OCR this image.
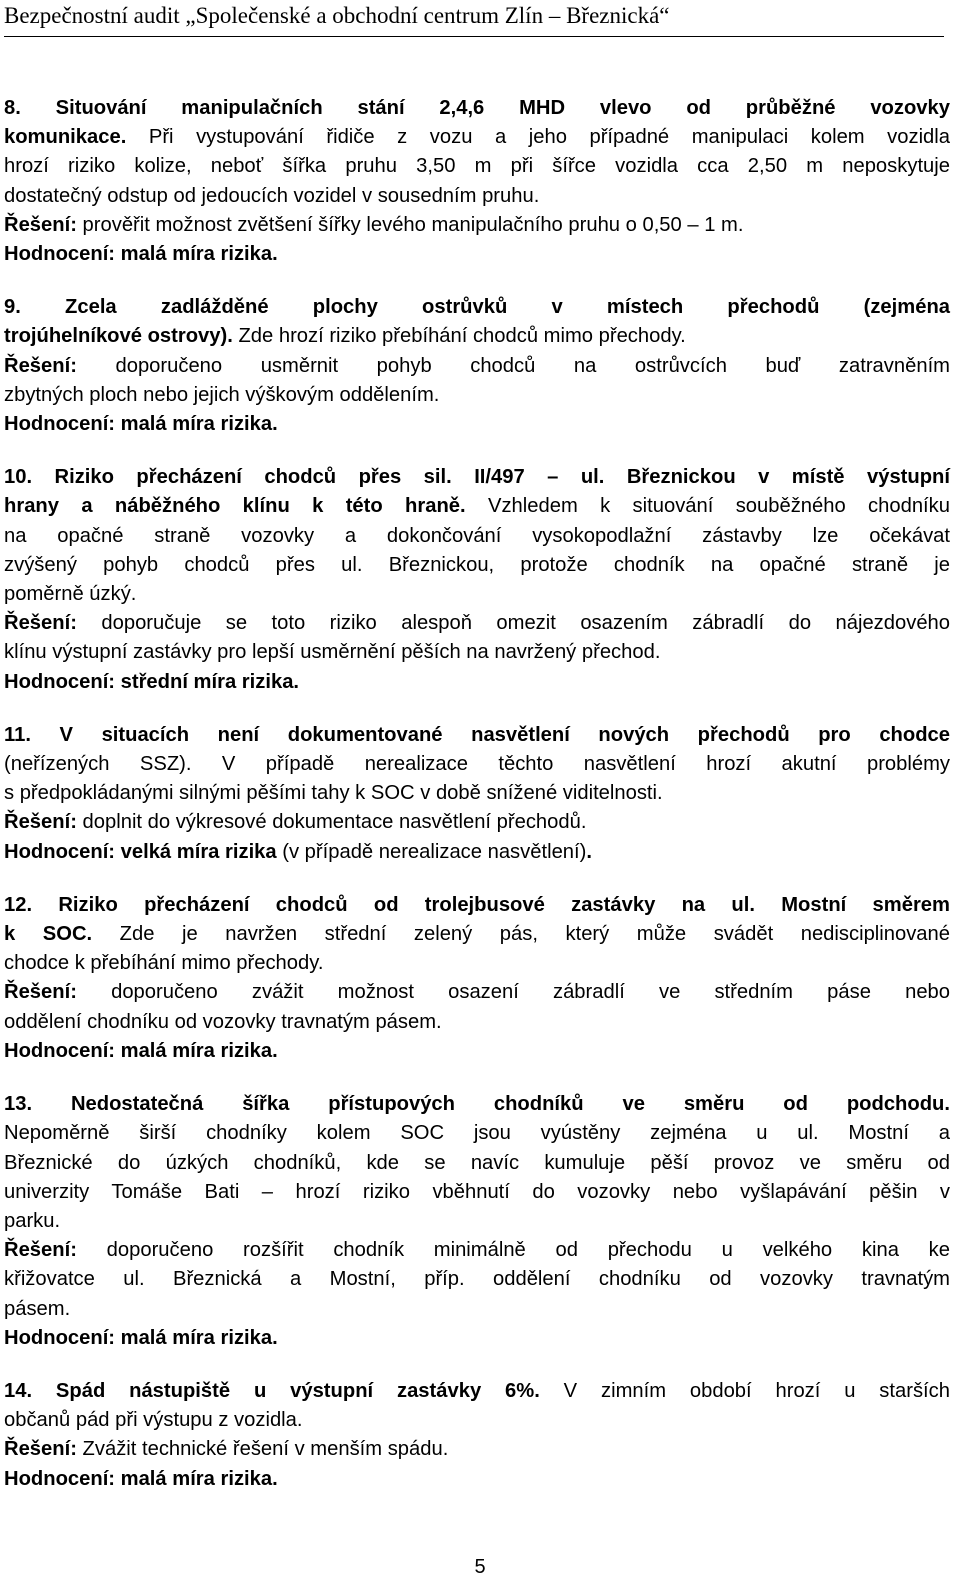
Bezpečnostní audit „Společenské a obchodní centrum Zlín – Březnická“
8. Situování manipulačních stání 2,4,6 MHD vlevo od průběžné vozovky
komunikace. Při vystupování řidiče z vozu a jeho případné manipulaci kolem vozidla
hrozí riziko kolize, neboť šířka pruhu 3,50 m při šířce vozidla cca 2,50 m neposkytuje
dostatečný odstup od jedoucích vozidel v sousedním pruhu.
Řešení: prověřit možnost zvětšení šířky levého manipulačního pruhu o 0,50 – 1 m.
Hodnocení: malá míra rizika.
9. Zcela zadlážděné plochy ostrůvků v místech přechodů (zejména
trojúhelníkové ostrovy). Zde hrozí riziko přebíhání chodců mimo přechody.
Řešení: doporučeno usměrnit pohyb chodců na ostrůvcích buď zatravněním
zbytných ploch nebo jejich výškovým oddělením.
Hodnocení: malá míra rizika.
10. Riziko přecházení chodců přes sil. II/497 – ul. Březnickou v místě výstupní
hrany a náběžného klínu k této hraně. Vzhledem k situování souběžného chodníku
na opačné straně vozovky a dokončování vysokopodlažní zástavby lze očekávat
zvýšený pohyb chodců přes ul. Březnickou, protože chodník na opačné straně je
poměrně úzký.
Řešení: doporučuje se toto riziko alespoň omezit osazením zábradlí do nájezdového
klínu výstupní zastávky pro lepší usměrnění pěších na navržený přechod.
Hodnocení: střední míra rizika.
11. V situacích není dokumentované nasvětlení nových přechodů pro chodce
(neřízených SSZ). V případě nerealizace těchto nasvětlení hrozí akutní problémy
s předpokládanými silnými pěšími tahy k SOC v době snížené viditelnosti.
Řešení: doplnit do výkresové dokumentace nasvětlení přechodů.
Hodnocení: velká míra rizika (v případě nerealizace nasvětlení).
12. Riziko přecházení chodců od trolejbusové zastávky na ul. Mostní směrem
k SOC. Zde je navržen střední zelený pás, který může svádět nedisciplinované
chodce k přebíhání mimo přechody.
Řešení: doporučeno zvážit možnost osazení zábradlí ve středním páse nebo
oddělení chodníku od vozovky travnatým pásem.
Hodnocení: malá míra rizika.
13. Nedostatečná šířka přístupových chodníků ve směru od podchodu.
Nepoměrně širší chodníky kolem SOC jsou vyústěny zejména u ul. Mostní a
Březnické do úzkých chodníků, kde se navíc kumuluje pěší provoz ve směru od
univerzity Tomáše Bati – hrozí riziko vběhnutí do vozovky nebo vyšlapávání pěšin v
parku.
Řešení: doporučeno rozšířit chodník minimálně od přechodu u velkého kina ke
křižovatce ul. Březnická a Mostní, příp. oddělení chodníku od vozovky travnatým
pásem.
Hodnocení: malá míra rizika.
14. Spád nástupiště u výstupní zastávky 6%. V zimním období hrozí u starších
občanů pád při výstupu z vozidla.
Řešení: Zvážit technické řešení v menším spádu.
Hodnocení: malá míra rizika.
5
